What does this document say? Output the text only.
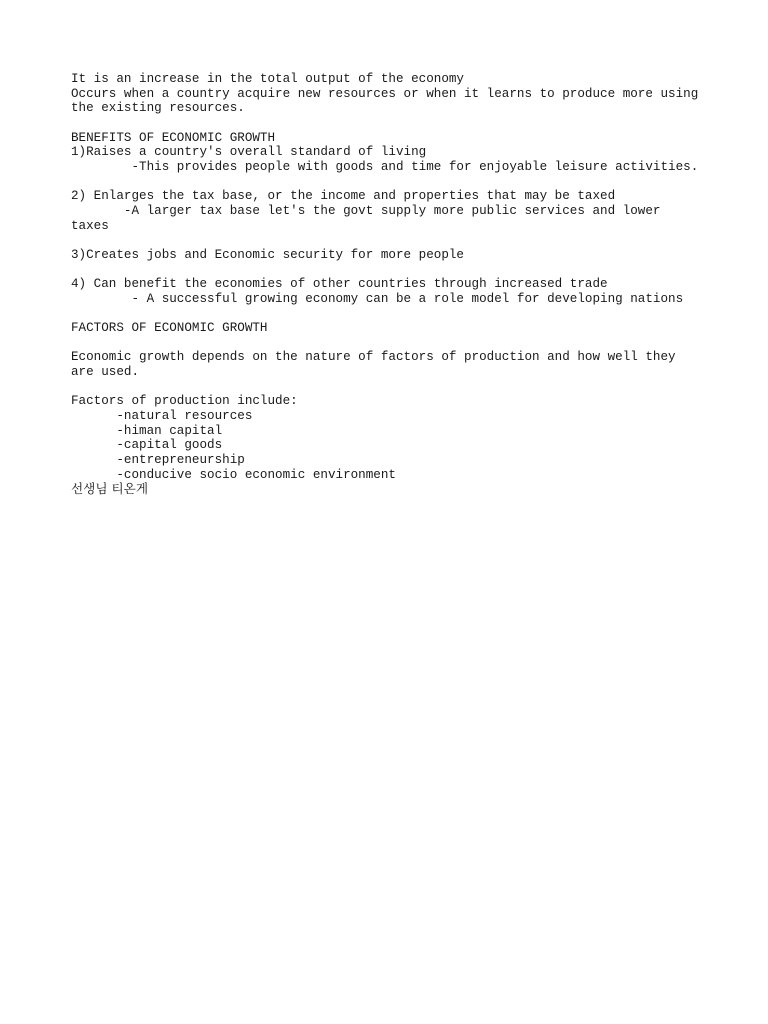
It is an increase in the total output of the economy

Occurs when a country acquire new resources or when it learns to produce more using

the existing resources.

BENEFITS OF ECONOMIC GROWTH

1)Raises a country's overall standard of living

-This provides people with goods and time for enjoyable leisure activities.

2) Enlarges the tax base, or the income and properties that may be taxed

-A larger tax base let's the govt supply more public services and lower

taxes

3)Creates jobs and Economic security for more people

4) Can benefit the economies of other countries through increased trade

- A successful growing economy can be a role model for developing nations

FACTORS OF ECONOMIC GROWTH

Economic growth depends on the nature of factors of production and how well they

are used.

Factors of production include:

-natural resources

-himan capital

-capital goods

-entrepreneurship

-conducive socio economic environment

선생님 티온게
